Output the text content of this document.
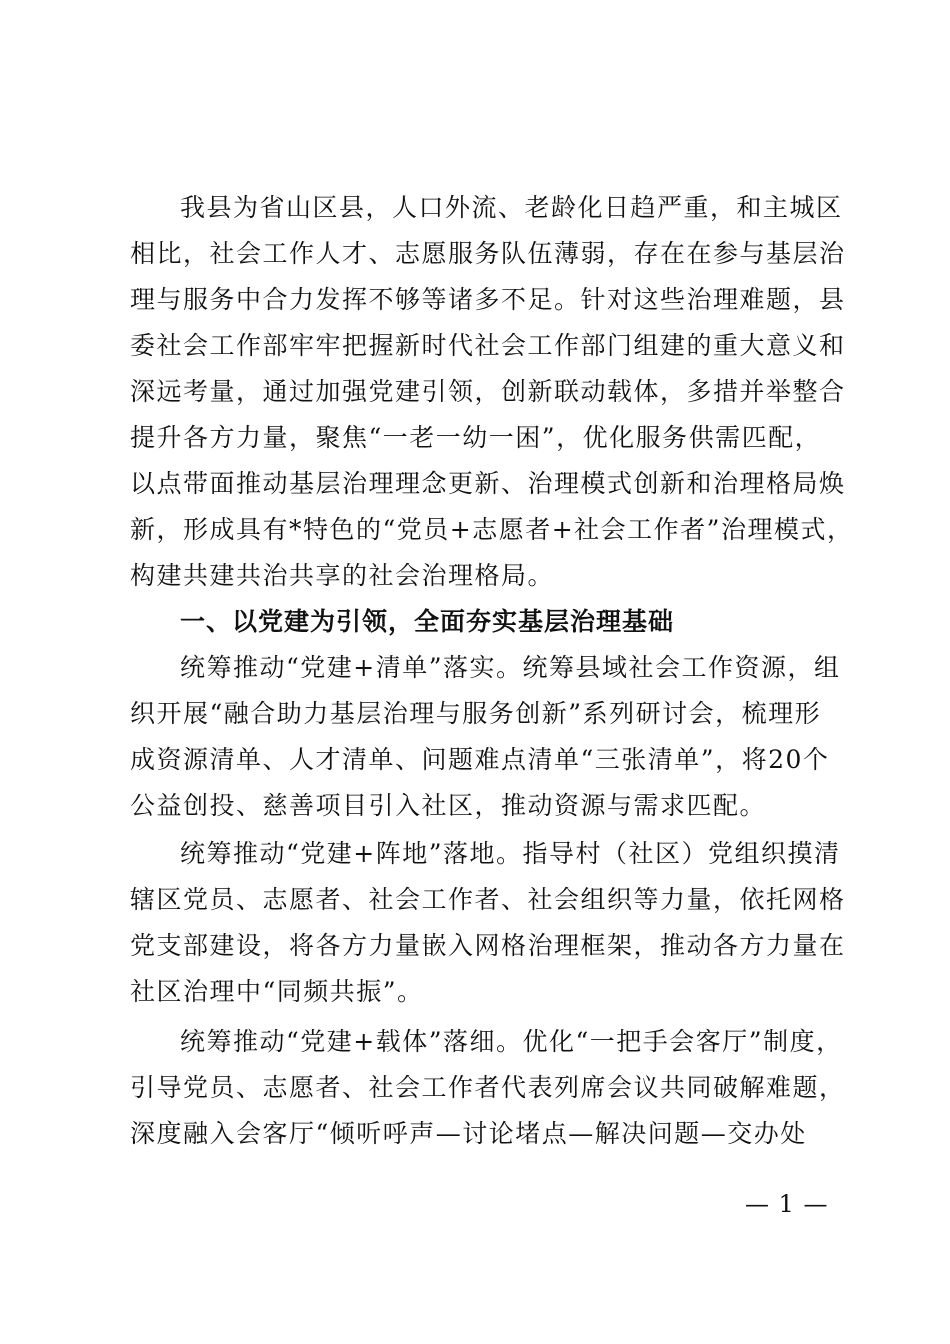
我县为省山区县，人口外流、老龄化日趋严重，和主城区
相比，社会工作人才、志愿服务队伍薄弱，存在在参与基层治
理与服务中合力发挥不够等诸多不足。针对这些治理难题，县
委社会工作部牢牢把握新时代社会工作部门组建的重大意义和
深远考量，通过加强党建引领，创新联动载体，多措并举整合
提升各方力量，聚焦“一老一幼一困”，优化服务供需匹配，
以点带面推动基层治理理念更新、治理模式创新和治理格局焕
新，形成具有*特色的“党员+志愿者+社会工作者”治理模式，
构建共建共治共享的社会治理格局。
一、以党建为引领，全面夯实基层治理基础
统筹推动“党建+清单”落实。统筹县域社会工作资源，组
织开展“融合助力基层治理与服务创新”系列研讨会，梳理形
成资源清单、人才清单、问题难点清单“三张清单”，将20个
公益创投、慈善项目引入社区，推动资源与需求匹配。
统筹推动“党建+阵地”落地。指导村（社区）党组织摸清
辖区党员、志愿者、社会工作者、社会组织等力量，依托网格
党支部建设，将各方力量嵌入网格治理框架，推动各方力量在
社区治理中“同频共振”。
统筹推动“党建+载体”落细。优化“一把手会客厅”制度，
引导党员、志愿者、社会工作者代表列席会议共同破解难题，
深度融入会客厅“倾听呼声—讨论堵点—解决问题—交办处
— 1 —
